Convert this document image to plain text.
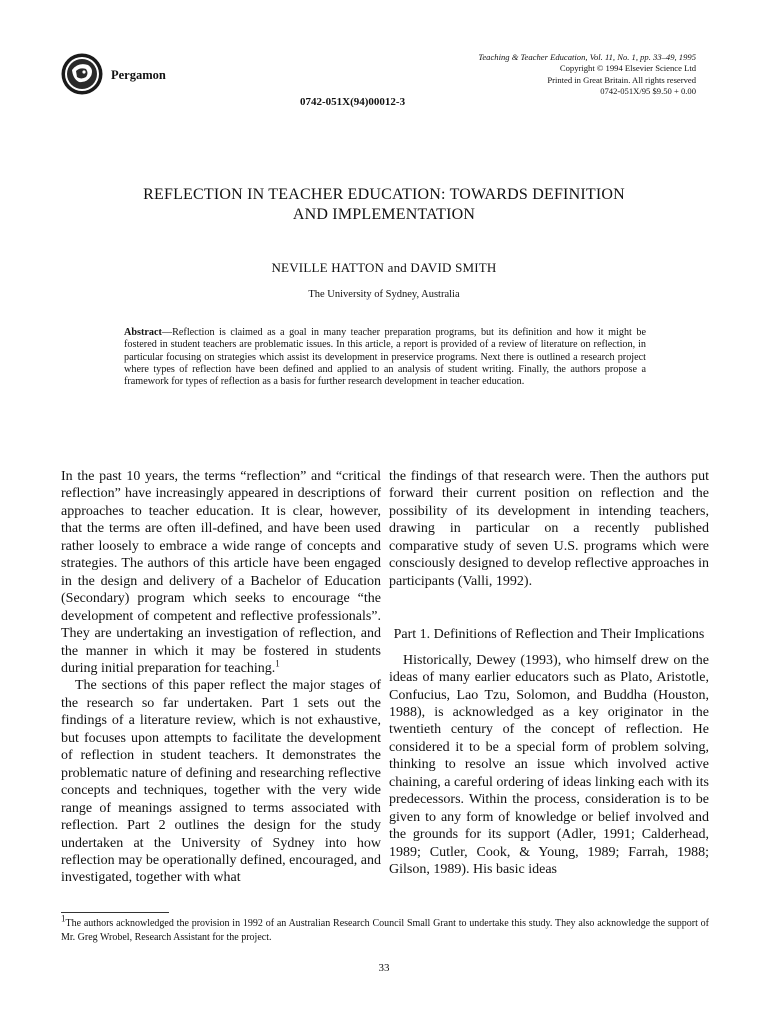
Pergamon
Teaching & Teacher Education, Vol. 11, No. 1, pp. 33–49, 1995
Copyright © 1994 Elsevier Science Ltd
Printed in Great Britain. All rights reserved
0742-051X/95 $9.50 + 0.00
0742-051X(94)00012-3
REFLECTION IN TEACHER EDUCATION: TOWARDS DEFINITION
AND IMPLEMENTATION
NEVILLE HATTON and DAVID SMITH
The University of Sydney, Australia
Abstract—Reflection is claimed as a goal in many teacher preparation programs, but its definition and how it might be fostered in student teachers are problematic issues. In this article, a report is provided of a review of literature on reflection, in particular focusing on strategies which assist its development in preservice programs. Next there is outlined a research project where types of reflection have been defined and applied to an analysis of student writing. Finally, the authors propose a framework for types of reflection as a basis for further research development in teacher education.

In the past 10 years, the terms “reflection” and “critical reflection” have increasingly appeared in descriptions of approaches to teacher education. It is clear, however, that the terms are often ill-defined, and have been used rather loosely to embrace a wide range of concepts and strategies. The authors of this article have been engaged in the design and delivery of a Bachelor of Education (Secondary) program which seeks to encourage “the development of competent and reflective professionals”. They are undertaking an investigation of reflection, and the manner in which it may be fostered in students during initial preparation for teaching.$^1$

The sections of this paper reflect the major stages of the research so far undertaken. Part 1 sets out the findings of a literature review, which is not exhaustive, but focuses upon attempts to facilitate the development of reflection in student teachers. It demonstrates the problematic nature of defining and researching reflective concepts and techniques, together with the very wide range of meanings assigned to terms associated with reflection. Part 2 outlines the design for the study undertaken at the University of Sydney into how reflection may be operationally defined, encouraged, and investigated, together with what

the findings of that research were. Then the authors put forward their current position on reflection and the possibility of its development in intending teachers, drawing in particular on a recently published comparative study of seven U.S. programs which were consciously designed to develop reflective approaches in participants (Valli, 1992).

Part 1. Definitions of Reflection and Their Implications

Historically, Dewey (1993), who himself drew on the ideas of many earlier educators such as Plato, Aristotle, Confucius, Lao Tzu, Solomon, and Buddha (Houston, 1988), is acknowledged as a key originator in the twentieth century of the concept of reflection. He considered it to be a special form of problem solving, thinking to resolve an issue which involved active chaining, a careful ordering of ideas linking each with its predecessors. Within the process, consideration is to be given to any form of knowledge or belief involved and the grounds for its support (Adler, 1991; Calderhead, 1989; Cutler, Cook, & Young, 1989; Farrah, 1988; Gilson, 1989). His basic ideas

$^1$The authors acknowledged the provision in 1992 of an Australian Research Council Small Grant to undertake this study. They also acknowledge the support of Mr. Greg Wrobel, Research Assistant for the project.
33
